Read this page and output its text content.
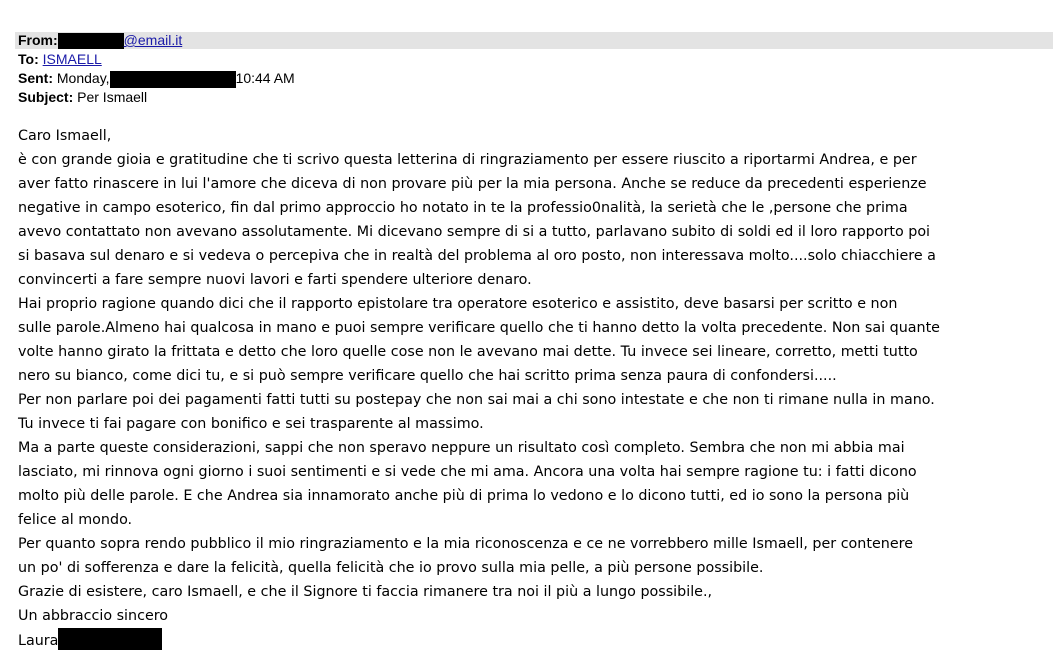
From:	@email.it
To: ISMAELL
Sent: Monday,	10:44 AM
Subject: Per Ismaell

Caro Ismaell,

è con grande gioia e gratitudine che ti scrivo questa letterina di ringraziamento per essere riuscito a riportarmi Andrea, e per

aver fatto rinascere in lui l'amore che diceva di non provare più per la mia persona. Anche se reduce da precedenti esperienze

negative in campo esoterico, fin dal primo approccio ho notato in te la professio0nalità, la serietà che le ,persone che prima

avevo contattato non avevano assolutamente. Mi dicevano sempre di si a tutto, parlavano subito di soldi ed il loro rapporto poi

si basava sul denaro e si vedeva o percepiva che in realtà del problema al oro posto, non interessava molto....solo chiacchiere a

convincerti a fare sempre nuovi lavori e farti spendere ulteriore denaro.

Hai proprio ragione quando dici che il rapporto epistolare tra operatore esoterico e assistito, deve basarsi per scritto e non

sulle parole.Almeno hai qualcosa in mano e puoi sempre verificare quello che ti hanno detto la volta precedente. Non sai quante

volte hanno girato la frittata e detto che loro quelle cose non le avevano mai dette. Tu invece sei lineare, corretto, metti tutto

nero su bianco, come dici tu, e si può sempre verificare quello che hai scritto prima senza paura di confondersi.....

Per non parlare poi dei pagamenti fatti tutti su postepay che non sai mai a chi sono intestate e che non ti rimane nulla in mano.

Tu invece ti fai pagare con bonifico e sei trasparente al massimo.

Ma a parte queste considerazioni, sappi che non speravo neppure un risultato così completo. Sembra che non mi abbia mai

lasciato, mi rinnova ogni giorno i suoi sentimenti e si vede che mi ama. Ancora una volta hai sempre ragione tu: i fatti dicono

molto più delle parole. E che Andrea sia innamorato anche più di prima lo vedono e lo dicono tutti, ed io sono la persona più

felice al mondo.

Per quanto sopra rendo pubblico il mio ringraziamento e la mia riconoscenza e ce ne vorrebbero mille Ismaell, per contenere

un po' di sofferenza e dare la felicità, quella felicità che io provo sulla mia pelle, a più persone possibile.

Grazie di esistere, caro Ismaell, e che il Signore ti faccia rimanere tra noi il più a lungo possibile.,

Un abbraccio sincero

Laura
